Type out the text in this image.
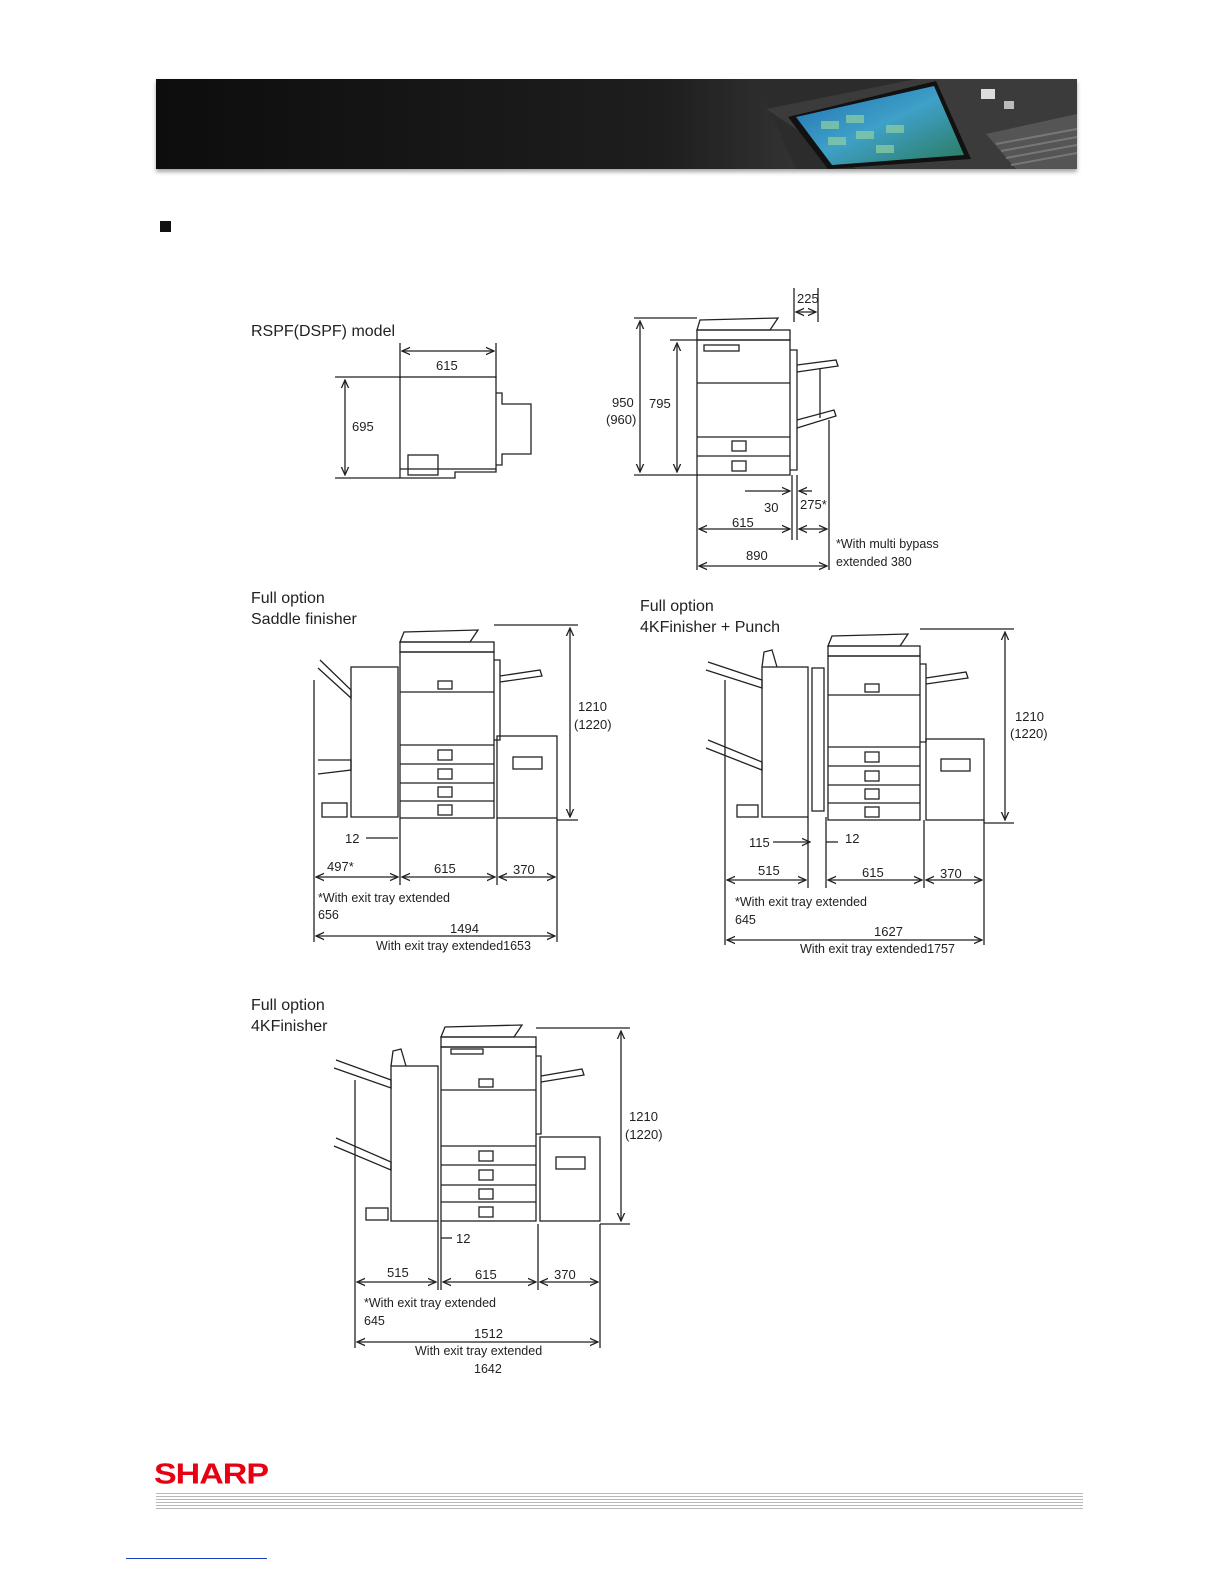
RSPF(DSPF) model
615
695
225
950
(960)
795
30 275*
615
890
*With multi bypass
extended 380
Full option
Saddle finisher
1210
(1220)
12
497*	615	370
*With exit tray extended
656
1494
With exit tray extended1653
Full option
4KFinisher + Punch
1210
(1220)
115	12
515	615	370
*With exit tray extended
645
1627
With exit tray extended1757
Full option
4KFinisher
1210
(1220)
12
515	615	370
*With exit tray extended
645
1512
With exit tray extended
1642
SHARP
